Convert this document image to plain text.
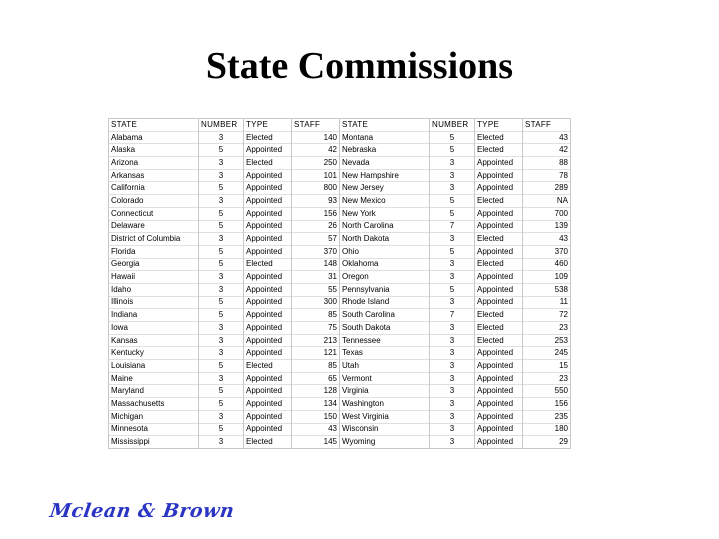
State Commissions
STATE	NUMBER	TYPE	STAFF	STATE	NUMBER	TYPE	STAFF
Alabama	3	Elected	140	Montana	5	Elected	43
Alaska	5	Appointed	42	Nebraska	5	Elected	42
Arizona	3	Elected	250	Nevada	3	Appointed	88
Arkansas	3	Appointed	101	New Hampshire	3	Appointed	78
California	5	Appointed	800	New Jersey	3	Appointed	289
Colorado	3	Appointed	93	New Mexico	5	Elected	NA
Connecticut	5	Appointed	156	New York	5	Appointed	700
Delaware	5	Appointed	26	North Carolina	7	Appointed	139
District of Columbia	3	Appointed	57	North Dakota	3	Elected	43
Florida	5	Appointed	370	Ohio	5	Appointed	370
Georgia	5	Elected	148	Oklahoma	3	Elected	460
Hawaii	3	Appointed	31	Oregon	3	Appointed	109
Idaho	3	Appointed	55	Pennsylvania	5	Appointed	538
Illinois	5	Appointed	300	Rhode Island	3	Appointed	11
Indiana	5	Appointed	85	South Carolina	7	Elected	72
Iowa	3	Appointed	75	South Dakota	3	Elected	23
Kansas	3	Appointed	213	Tennessee	3	Elected	253
Kentucky	3	Appointed	121	Texas	3	Appointed	245
Louisiana	5	Elected	85	Utah	3	Appointed	15
Maine	3	Appointed	65	Vermont	3	Appointed	23
Maryland	5	Appointed	128	Virginia	3	Appointed	550
Massachusetts	5	Appointed	134	Washington	3	Appointed	156
Michigan	3	Appointed	150	West Virginia	3	Appointed	235
Minnesota	5	Appointed	43	Wisconsin	3	Appointed	180
Mississippi	3	Elected	145	Wyoming	3	Appointed	29
Mclean & Brown
